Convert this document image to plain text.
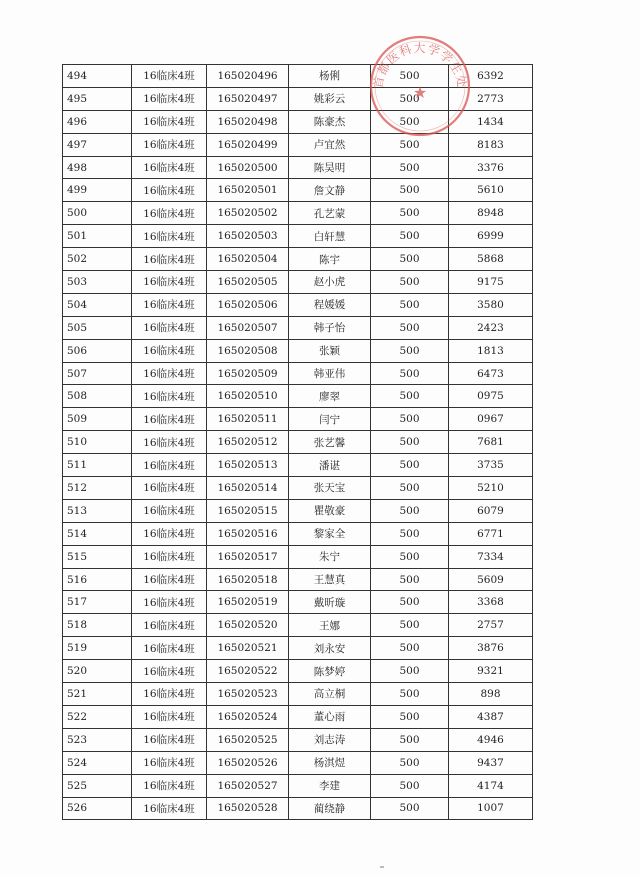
494	16临床4班	165020496	杨俐	500	6392
495	16临床4班	165020497	姚彩云	500	2773
496	16临床4班	165020498	陈豪杰	500	1434
497	16临床4班	165020499	卢宜然	500	8183
498	16临床4班	165020500	陈昊明	500	3376
499	16临床4班	165020501	詹文静	500	5610
500	16临床4班	165020502	孔艺蒙	500	8948
501	16临床4班	165020503	白轩慧	500	6999
502	16临床4班	165020504	陈宇	500	5868
503	16临床4班	165020505	赵小虎	500	9175
504	16临床4班	165020506	程媛媛	500	3580
505	16临床4班	165020507	韩子怡	500	2423
506	16临床4班	165020508	张颖	500	1813
507	16临床4班	165020509	韩亚伟	500	6473
508	16临床4班	165020510	廖翠	500	0975
509	16临床4班	165020511	闫宁	500	0967
510	16临床4班	165020512	张艺馨	500	7681
511	16临床4班	165020513	潘谌	500	3735
512	16临床4班	165020514	张天宝	500	5210
513	16临床4班	165020515	瞿敬豪	500	6079
514	16临床4班	165020516	黎家全	500	6771
515	16临床4班	165020517	朱宁	500	7334
516	16临床4班	165020518	王慧真	500	5609
517	16临床4班	165020519	戴昕璇	500	3368
518	16临床4班	165020520	王娜	500	2757
519	16临床4班	165020521	刘永安	500	3876
520	16临床4班	165020522	陈梦婷	500	9321
521	16临床4班	165020523	高立桐	500	898
522	16临床4班	165020524	董心雨	500	4387
523	16临床4班	165020525	刘志涛	500	4946
524	16临床4班	165020526	杨淇煜	500	9437
525	16临床4班	165020527	李建	500	4174
526	16临床4班	165020528	蔺绕静	500	1007
首都医科大学学生处
★
